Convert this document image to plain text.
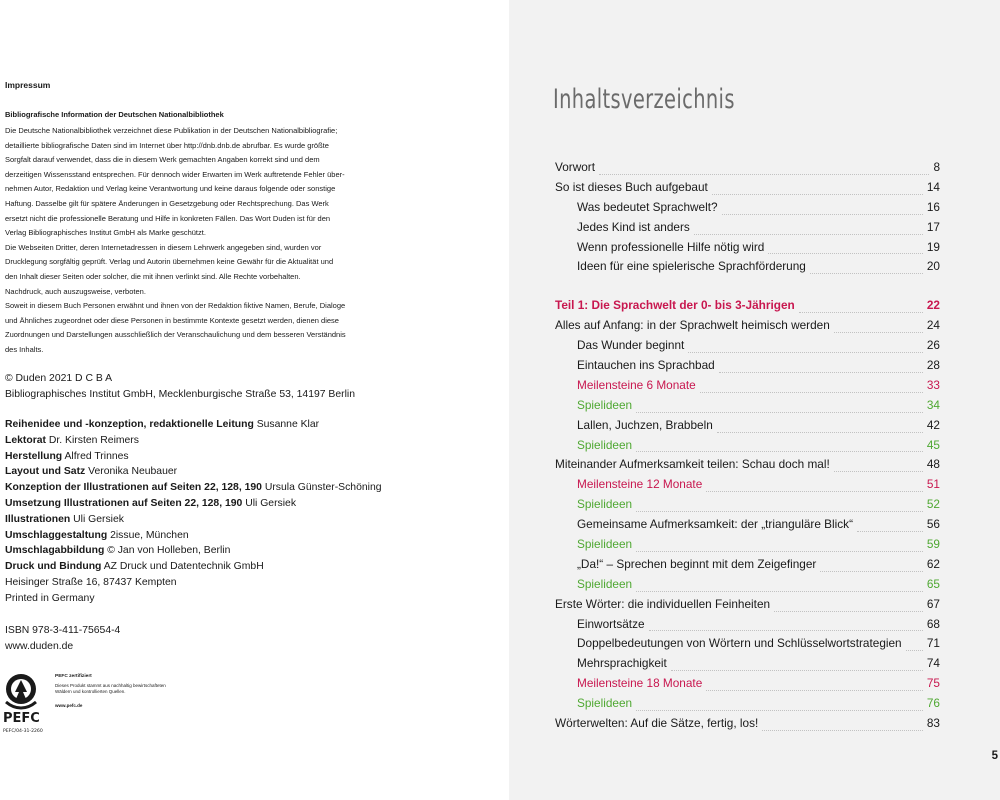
Impressum
Bibliografische Information der Deutschen Nationalbibliothek

Die Deutsche Nationalbibliothek verzeichnet diese Publikation in der Deutschen Nationalbibliografie;

detaillierte bibliografische Daten sind im Internet über http://dnb.dnb.de abrufbar. Es wurde größte

Sorgfalt darauf verwendet, dass die in diesem Werk gemachten Angaben korrekt sind und dem

derzeitigen Wissensstand entsprechen. Für dennoch wider Erwarten im Werk auftretende Fehler über-

nehmen Autor, Redaktion und Verlag keine Verantwortung und keine daraus folgende oder sonstige

Haftung. Dasselbe gilt für spätere Änderungen in Gesetzgebung oder Rechtsprechung. Das Werk

ersetzt nicht die professionelle Beratung und Hilfe in konkreten Fällen. Das Wort Duden ist für den

Verlag Bibliographisches Institut GmbH als Marke geschützt.

Die Webseiten Dritter, deren Internetadressen in diesem Lehrwerk angegeben sind, wurden vor

Drucklegung sorgfältig geprüft. Verlag und Autorin übernehmen keine Gewähr für die Aktualität und

den Inhalt dieser Seiten oder solcher, die mit ihnen verlinkt sind. Alle Rechte vorbehalten.

Nachdruck, auch auszugsweise, verboten.

Soweit in diesem Buch Personen erwähnt und ihnen von der Redaktion fiktive Namen, Berufe, Dialoge

und Ähnliches zugeordnet oder diese Personen in bestimmte Kontexte gesetzt werden, dienen diese

Zuordnungen und Darstellungen ausschließlich der Veranschaulichung und dem besseren Verständnis

des Inhalts.

© Duden 2021 D C B A

Bibliographisches Institut GmbH, Mecklenburgische Straße 53, 14197 Berlin

Reihenidee und -konzeption, redaktionelle Leitung Susanne Klar

Lektorat Dr. Kirsten Reimers

Herstellung Alfred Trinnes

Layout und Satz Veronika Neubauer

Konzeption der Illustrationen auf Seiten 22, 128, 190 Ursula Günster-Schöning

Umsetzung Illustrationen auf Seiten 22, 128, 190 Uli Gersiek

Illustrationen Uli Gersiek

Umschlaggestaltung 2issue, München

Umschlagabbildung © Jan von Holleben, Berlin

Druck und Bindung AZ Druck und Datentechnik GmbH

Heisinger Straße 16, 87437 Kempten

Printed in Germany

ISBN 978-3-411-75654-4

www.duden.de

PEFC
PEFC/04-31-2260

PEFC zertifiziert

Dieses Produkt stammt aus nachhaltig bewirtschafteten Wäldern und kontrollierten Quellen.

www.pefc.de

Inhaltsverzeichnis
Vorwort	8
So ist dieses Buch aufgebaut	14
Was bedeutet Sprachwelt?	16
Jedes Kind ist anders	17
Wenn professionelle Hilfe nötig wird	19
Ideen für eine spielerische Sprachförderung	20
Teil 1: Die Sprachwelt der 0- bis 3-Jährigen	22
Alles auf Anfang: in der Sprachwelt heimisch werden	24
Das Wunder beginnt	26
Eintauchen ins Sprachbad	28
Meilensteine 6 Monate	33
Spielideen	34
Lallen, Juchzen, Brabbeln	42
Spielideen	45
Miteinander Aufmerksamkeit teilen: Schau doch mal!	48
Meilensteine 12 Monate	51
Spielideen	52
Gemeinsame Aufmerksamkeit: der „trianguläre Blick“	56
Spielideen	59
„Da!“ – Sprechen beginnt mit dem Zeigefinger	62
Spielideen	65
Erste Wörter: die individuellen Feinheiten	67
Einwortsätze	68
Doppelbedeutungen von Wörtern und Schlüsselwortstrategien 71
Mehrsprachigkeit	74
Meilensteine 18 Monate	75
Spielideen	76
Wörterwelten: Auf die Sätze, fertig, los!	83
5
